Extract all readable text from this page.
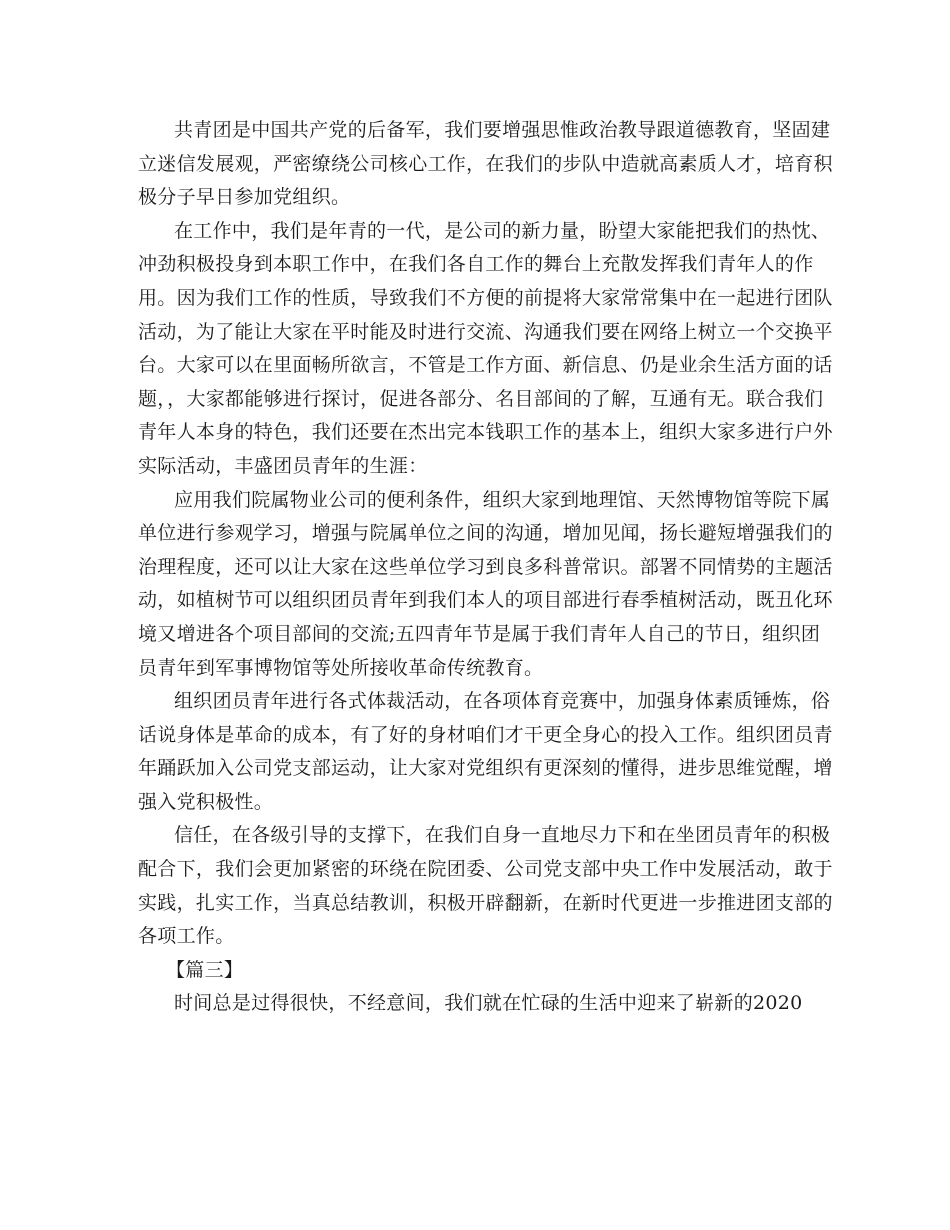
共青团是中国共产党的后备军，我们要增强思惟政治教导跟道德教育，坚固建
立迷信发展观，严密缭绕公司核心工作，在我们的步队中造就高素质人才，培育积
极分子早日参加党组织。
在工作中，我们是年青的一代，是公司的新力量，盼望大家能把我们的热忱、
冲劲积极投身到本职工作中，在我们各自工作的舞台上充散发挥我们青年人的作
用。因为我们工作的性质，导致我们不方便的前提将大家常常集中在一起进行团队
活动，为了能让大家在平时能及时进行交流、沟通我们要在网络上树立一个交换平
台。大家可以在里面畅所欲言，不管是工作方面、新信息、仍是业余生活方面的话
题，，大家都能够进行探讨，促进各部分、名目部间的了解，互通有无。联合我们
青年人本身的特色，我们还要在杰出完本钱职工作的基本上，组织大家多进行户外
实际活动，丰盛团员青年的生涯：
应用我们院属物业公司的便利条件，组织大家到地理馆、天然博物馆等院下属
单位进行参观学习，增强与院属单位之间的沟通，增加见闻，扬长避短增强我们的
治理程度，还可以让大家在这些单位学习到良多科普常识。部署不同情势的主题活
动，如植树节可以组织团员青年到我们本人的项目部进行春季植树活动，既丑化环
境又增进各个项目部间的交流;五四青年节是属于我们青年人自己的节日，组织团
员青年到军事博物馆等处所接收革命传统教育。
组织团员青年进行各式体裁活动，在各项体育竞赛中，加强身体素质锤炼，俗
话说身体是革命的成本，有了好的身材咱们才干更全身心的投入工作。组织团员青
年踊跃加入公司党支部运动，让大家对党组织有更深刻的懂得，进步思维觉醒，增
强入党积极性。
信任，在各级引导的支撑下，在我们自身一直地尽力下和在坐团员青年的积极
配合下，我们会更加紧密的环绕在院团委、公司党支部中央工作中发展活动，敢于
实践，扎实工作，当真总结教训，积极开辟翻新，在新时代更进一步推进团支部的
各项工作。
【篇三】
时间总是过得很快，不经意间，我们就在忙碌的生活中迎来了崭新的2020
